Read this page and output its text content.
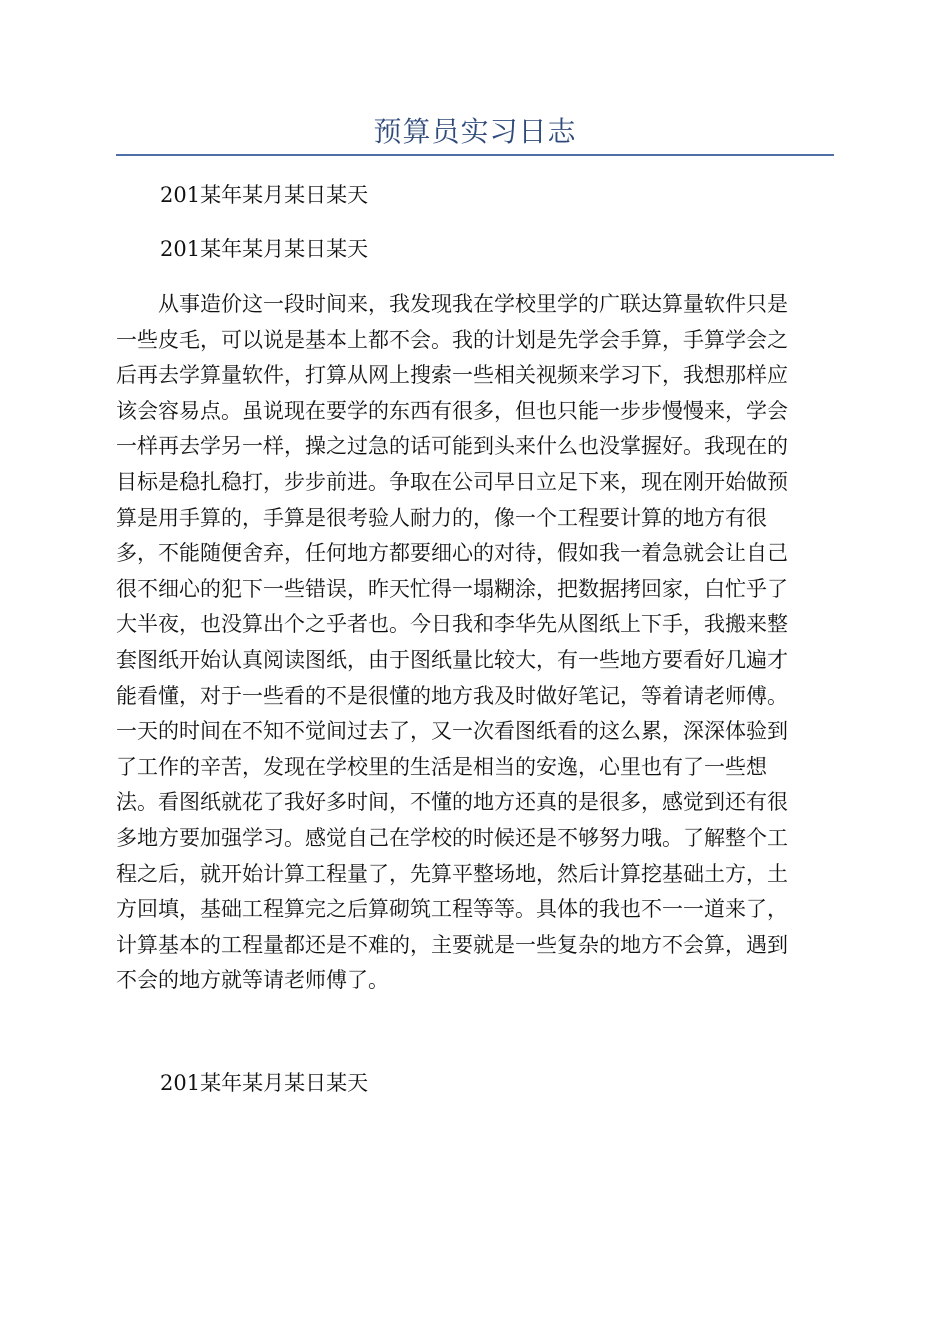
预算员实习日志
201某年某月某日某天
201某年某月某日某天
　　从事造价这一段时间来，我发现我在学校里学的广联达算量软件只是
一些皮毛，可以说是基本上都不会。我的计划是先学会手算，手算学会之
后再去学算量软件，打算从网上搜索一些相关视频来学习下，我想那样应
该会容易点。虽说现在要学的东西有很多，但也只能一步步慢慢来，学会
一样再去学另一样，操之过急的话可能到头来什么也没掌握好。我现在的
目标是稳扎稳打，步步前进。争取在公司早日立足下来，现在刚开始做预
算是用手算的，手算是很考验人耐力的，像一个工程要计算的地方有很
多，不能随便舍弃，任何地方都要细心的对待，假如我一着急就会让自己
很不细心的犯下一些错误，昨天忙得一塌糊涂，把数据拷回家，白忙乎了
大半夜，也没算出个之乎者也。今日我和李华先从图纸上下手，我搬来整
套图纸开始认真阅读图纸，由于图纸量比较大，有一些地方要看好几遍才
能看懂，对于一些看的不是很懂的地方我及时做好笔记，等着请老师傅。
一天的时间在不知不觉间过去了，又一次看图纸看的这么累，深深体验到
了工作的辛苦，发现在学校里的生活是相当的安逸，心里也有了一些想
法。看图纸就花了我好多时间，不懂的地方还真的是很多，感觉到还有很
多地方要加强学习。感觉自己在学校的时候还是不够努力哦。了解整个工
程之后，就开始计算工程量了，先算平整场地，然后计算挖基础土方，土
方回填，基础工程算完之后算砌筑工程等等。具体的我也不一一道来了，
计算基本的工程量都还是不难的，主要就是一些复杂的地方不会算，遇到
不会的地方就等请老师傅了。
201某年某月某日某天
